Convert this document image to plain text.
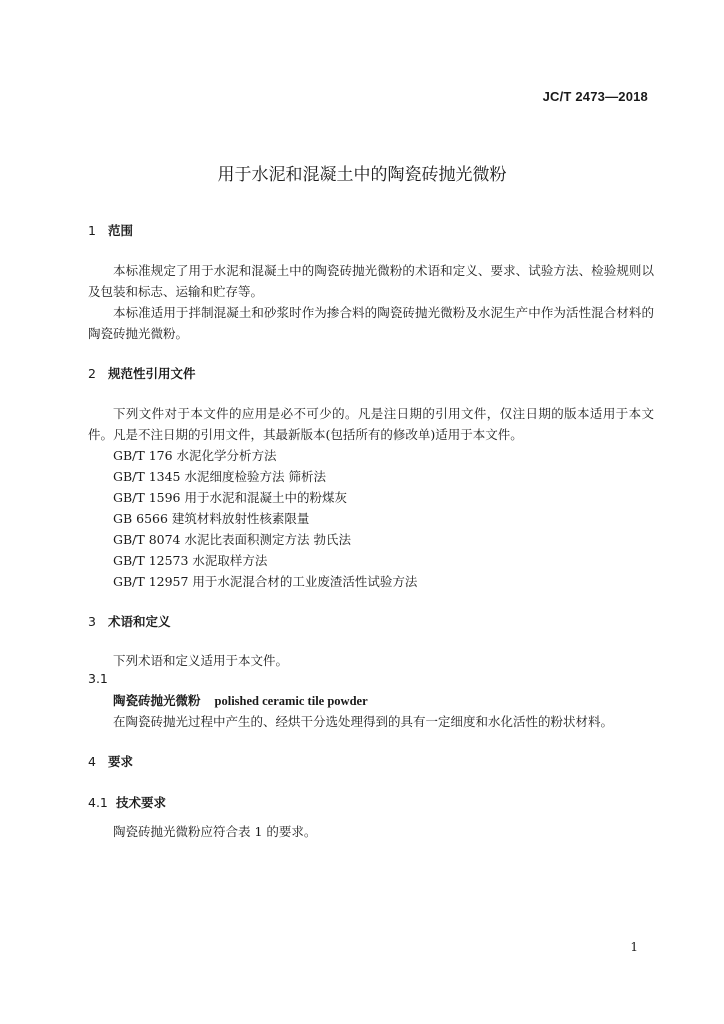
JC/T 2473—2018
用于水泥和混凝土中的陶瓷砖抛光微粉
1 范围
本标准规定了用于水泥和混凝土中的陶瓷砖抛光微粉的术语和定义、要求、试验方法、检验规则以及包装和标志、运输和贮存等。
本标准适用于拌制混凝土和砂浆时作为掺合料的陶瓷砖抛光微粉及水泥生产中作为活性混合材料的陶瓷砖抛光微粉。
2 规范性引用文件
下列文件对于本文件的应用是必不可少的。凡是注日期的引用文件，仅注日期的版本适用于本文件。凡是不注日期的引用文件，其最新版本(包括所有的修改单)适用于本文件。
GB/T 176 水泥化学分析方法
GB/T 1345 水泥细度检验方法 筛析法
GB/T 1596 用于水泥和混凝土中的粉煤灰
GB 6566 建筑材料放射性核素限量
GB/T 8074 水泥比表面积测定方法 勃氏法
GB/T 12573 水泥取样方法
GB/T 12957 用于水泥混合材的工业废渣活性试验方法
3 术语和定义
下列术语和定义适用于本文件。
3.1
陶瓷砖抛光微粉 polished ceramic tile powder
在陶瓷砖抛光过程中产生的、经烘干分选处理得到的具有一定细度和水化活性的粉状材料。
4 要求
4.1 技术要求
陶瓷砖抛光微粉应符合表 1 的要求。
1
